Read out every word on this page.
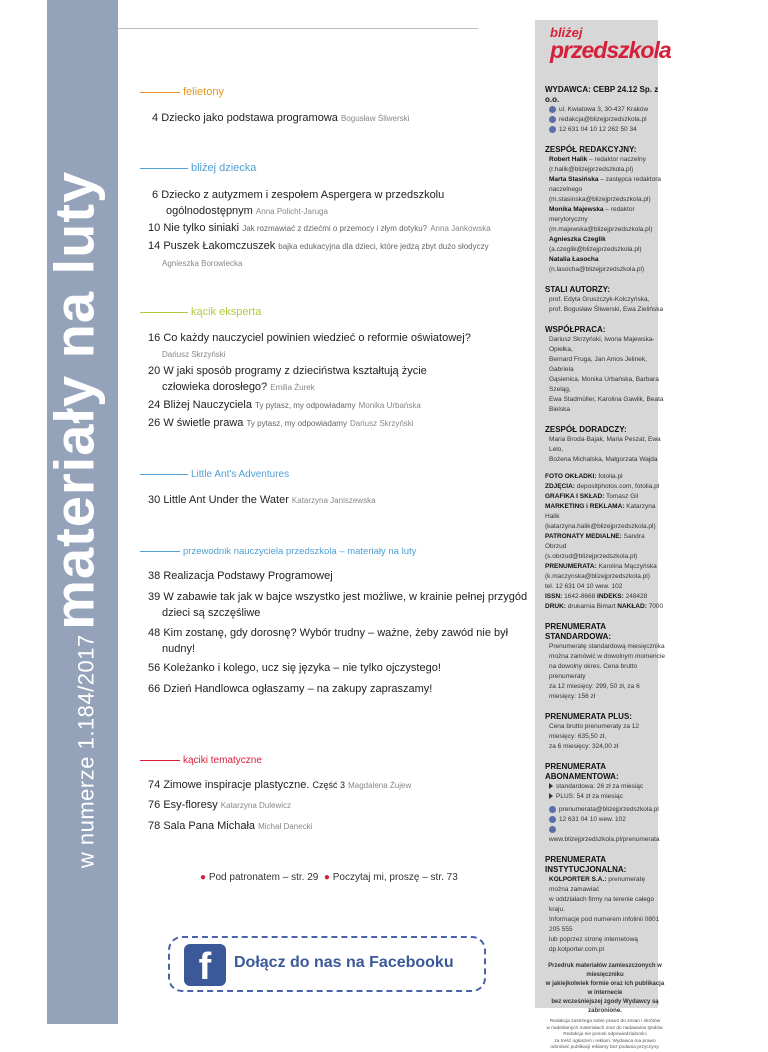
w numerze 1.184/2017 materiały na luty
felietony
4 Dziecko jako podstawa programowa Bogusław Śliwerski
bliżej dziecka
6 Dziecko z autyzmem i zespołem Aspergera w przedszkolu
ogólnodostępnym Anna Policht-Jaruga
10 Nie tylko siniaki Jak rozmawiać z dziećmi o przemocy i złym dotyku? Anna Jankowska
14 Puszek Łakomczuszek bajka edukacyjna dla dzieci, które jedzą zbyt dużo słodyczy
Agnieszka Borowiecka
kącik eksperta
16 Co każdy nauczyciel powinien wiedzieć o reformie oświatowej?
Dariusz Skrzyński
20 W jaki sposób programy z dzieciństwa kształtują życie
człowieka dorosłego? Emilia Żurek
24 Bliżej Nauczyciela Ty pytasz, my odpowiadamy Monika Urbańska
26 W świetle prawa Ty pytasz, my odpowiadamy Dariusz Skrzyński
Little Ant's Adventures
30 Little Ant Under the Water Katarzyna Janiszewska
przewodnik nauczyciela przedszkola – materiały na luty
38 Realizacja Podstawy Programowej
39 W zabawie tak jak w bajce wszystko jest możliwe, w krainie pełnej przygód
dzieci są szczęśliwe
48 Kim zostanę, gdy dorosnę? Wybór trudny – ważne, żeby zawód nie był
nudny!
56 Koleżanko i kolego, ucz się języka – nie tylko ojczystego!
66 Dzień Handlowca ogłaszamy – na zakupy zapraszamy!
kąciki tematyczne
74 Zimowe inspiracje plastyczne. Część 3 Magdalena Żujew
76 Esy-floresy Katarzyna Dulewicz
78 Sala Pana Michała Michał Danecki
● Pod patronatem – str. 29 ● Poczytaj mi, proszę – str. 73
f	Dołącz do nas na Facebooku
bliżej
przedszkola
WYDAWCA: CEBP 24.12 Sp. z o.o.
ul. Kwiatowa 3, 30-437 Kraków
redakcja@blizejprzedszkola.pl
12 631 04 10 12 262 50 34
ZESPÓŁ REDAKCYJNY:
Robert Halik – redaktor naczelny
(r.halik@blizejprzedszkola.pl)
Marta Stasińska – zastępca redaktora naczelnego
(m.stasinska@blizejprzedszkola.pl)
Monika Majewska – redaktor merytoryczny
(m.majewska@blizejprzedszkola.pl)
Agnieszka Czeglik
(a.czeglik@blizejprzedszkola.pl)
Natalia Łasocha
(n.lasocha@blizejprzedszkola.pl)
STALI AUTORZY:
prof. Edyta Gruszczyk-Kolczyńska,
prof. Bogusław Śliwerski, Ewa Zielińska
WSPÓŁPRACA:
Dariusz Skrzyński, Iwona Majewska-Opiełka,
Bernard Fruga, Jan Amos Jelinek, Gabriela
Gąsienica, Monika Urbańska, Barbara Szeląg,
Ewa Stadmüller, Karolina Gawlik, Beata Bielska
ZESPÓŁ DORADCZY:
Maria Broda-Bajak, Maria Peszat, Ewa Lelo,
Bożena Michalska, Małgorzata Wajda
FOTO OKŁADKI: fotolia.pl
ZDJĘCIA: depositphotos.com, fotolia.pl
GRAFIKA I SKŁAD: Tomasz Gil
MARKETING i REKLAMA: Katarzyna Halik
(katarzyna.halik@blizejprzedszkola.pl)
PATRONATY MEDIALNE: Sandra Obrzud
(s.obrzud@blizejprzedszkola.pl)
PRENUMERATA: Karolina Mączyńska
(k.maczynska@blizejprzedszkola.pl)
tel. 12 631 04 10 wew. 102
ISSN: 1642-8668 INDEKS: 248428
DRUK: drukarnia Bimart NAKŁAD: 7000
PRENUMERATA STANDARDOWA:
Prenumeratę standardową miesięcznika
można zamówić w dowolnym momencie
na dowolny okres. Cena brutto prenumeraty
za 12 miesięcy: 299, 50 zł, za 6 miesięcy: 156 zł
PRENUMERATA PLUS:
Cena brutto prenumeraty za 12 miesięcy: 635,50 zł,
za 6 miesięcy: 324,00 zł
PRENUMERATA ABONAMENTOWA:
standardowa: 26 zł za miesiąc
PLUS: 54 zł za miesiąc
prenumerata@blizejprzedszkola.pl
12 631 04 10 wew. 102
www.blizejprzedszkola.pl/prenumerata
PRENUMERATA INSTYTUCJONALNA:
KOLPORTER S.A.: prenumeratę można zamawiać
w oddziałach firmy na terenie całego kraju.
Informacje pod numerem infolinii 0801 205 555
lub poprzez stronę internetową dp.kolporter.com.pl
Przedruk materiałów zamieszczonych w miesięczniku
w jakiejkolwiek formie oraz ich publikacja w internecie
bez wcześniejszej zgody Wydawcy są zabronione.
Redakcja zastrzega sobie prawo do zmian i skrótów
w nadesłanych materiałach oraz do nadawania tytułów.
Redakcja nie ponosi odpowiedzialności
za treść ogłoszeń i reklam. Wydawca ma prawo
odmówić publikacji reklamy bez podania przyczyny.
